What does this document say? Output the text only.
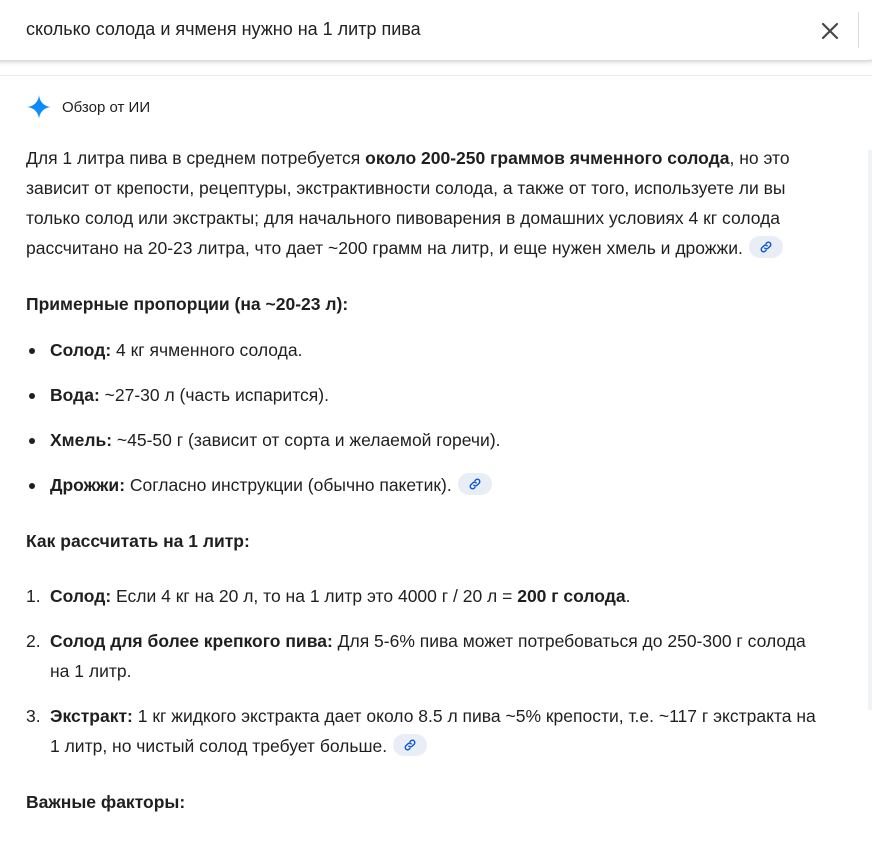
сколько солода и ячменя нужно на 1 литр пива
Обзор от ИИ

Для 1 литра пива в среднем потребуется около 200-250 граммов ячменного солода, но это зависит от крепости, рецептуры, экстрактивности солода, а также от того, используете ли вы только солод или экстракты; для начального пивоварения в домашних условиях 4 кг солода рассчитано на 20-23 литра, что дает ~200 грамм на литр, и еще нужен хмель и дрожжи.

Примерные пропорции (на ~20-23 л):

Солод: 4 кг ячменного солода.
Вода: ~27-30 л (часть испарится).
Хмель: ~45-50 г (зависит от сорта и желаемой горечи).
Дрожжи: Согласно инструкции (обычно пакетик).

Как рассчитать на 1 литр:

1. Солод: Если 4 кг на 20 л, то на 1 литр это 4000 г / 20 л = 200 г солода.
2. Солод для более крепкого пива: Для 5-6% пива может потребоваться до 250-300 г солода на 1 литр.
3. Экстракт: 1 кг жидкого экстракта дает около 8.5 л пива ~5% крепости, т.е. ~117 г экстракта на 1 литр, но чистый солод требует больше.

Важные факторы:
